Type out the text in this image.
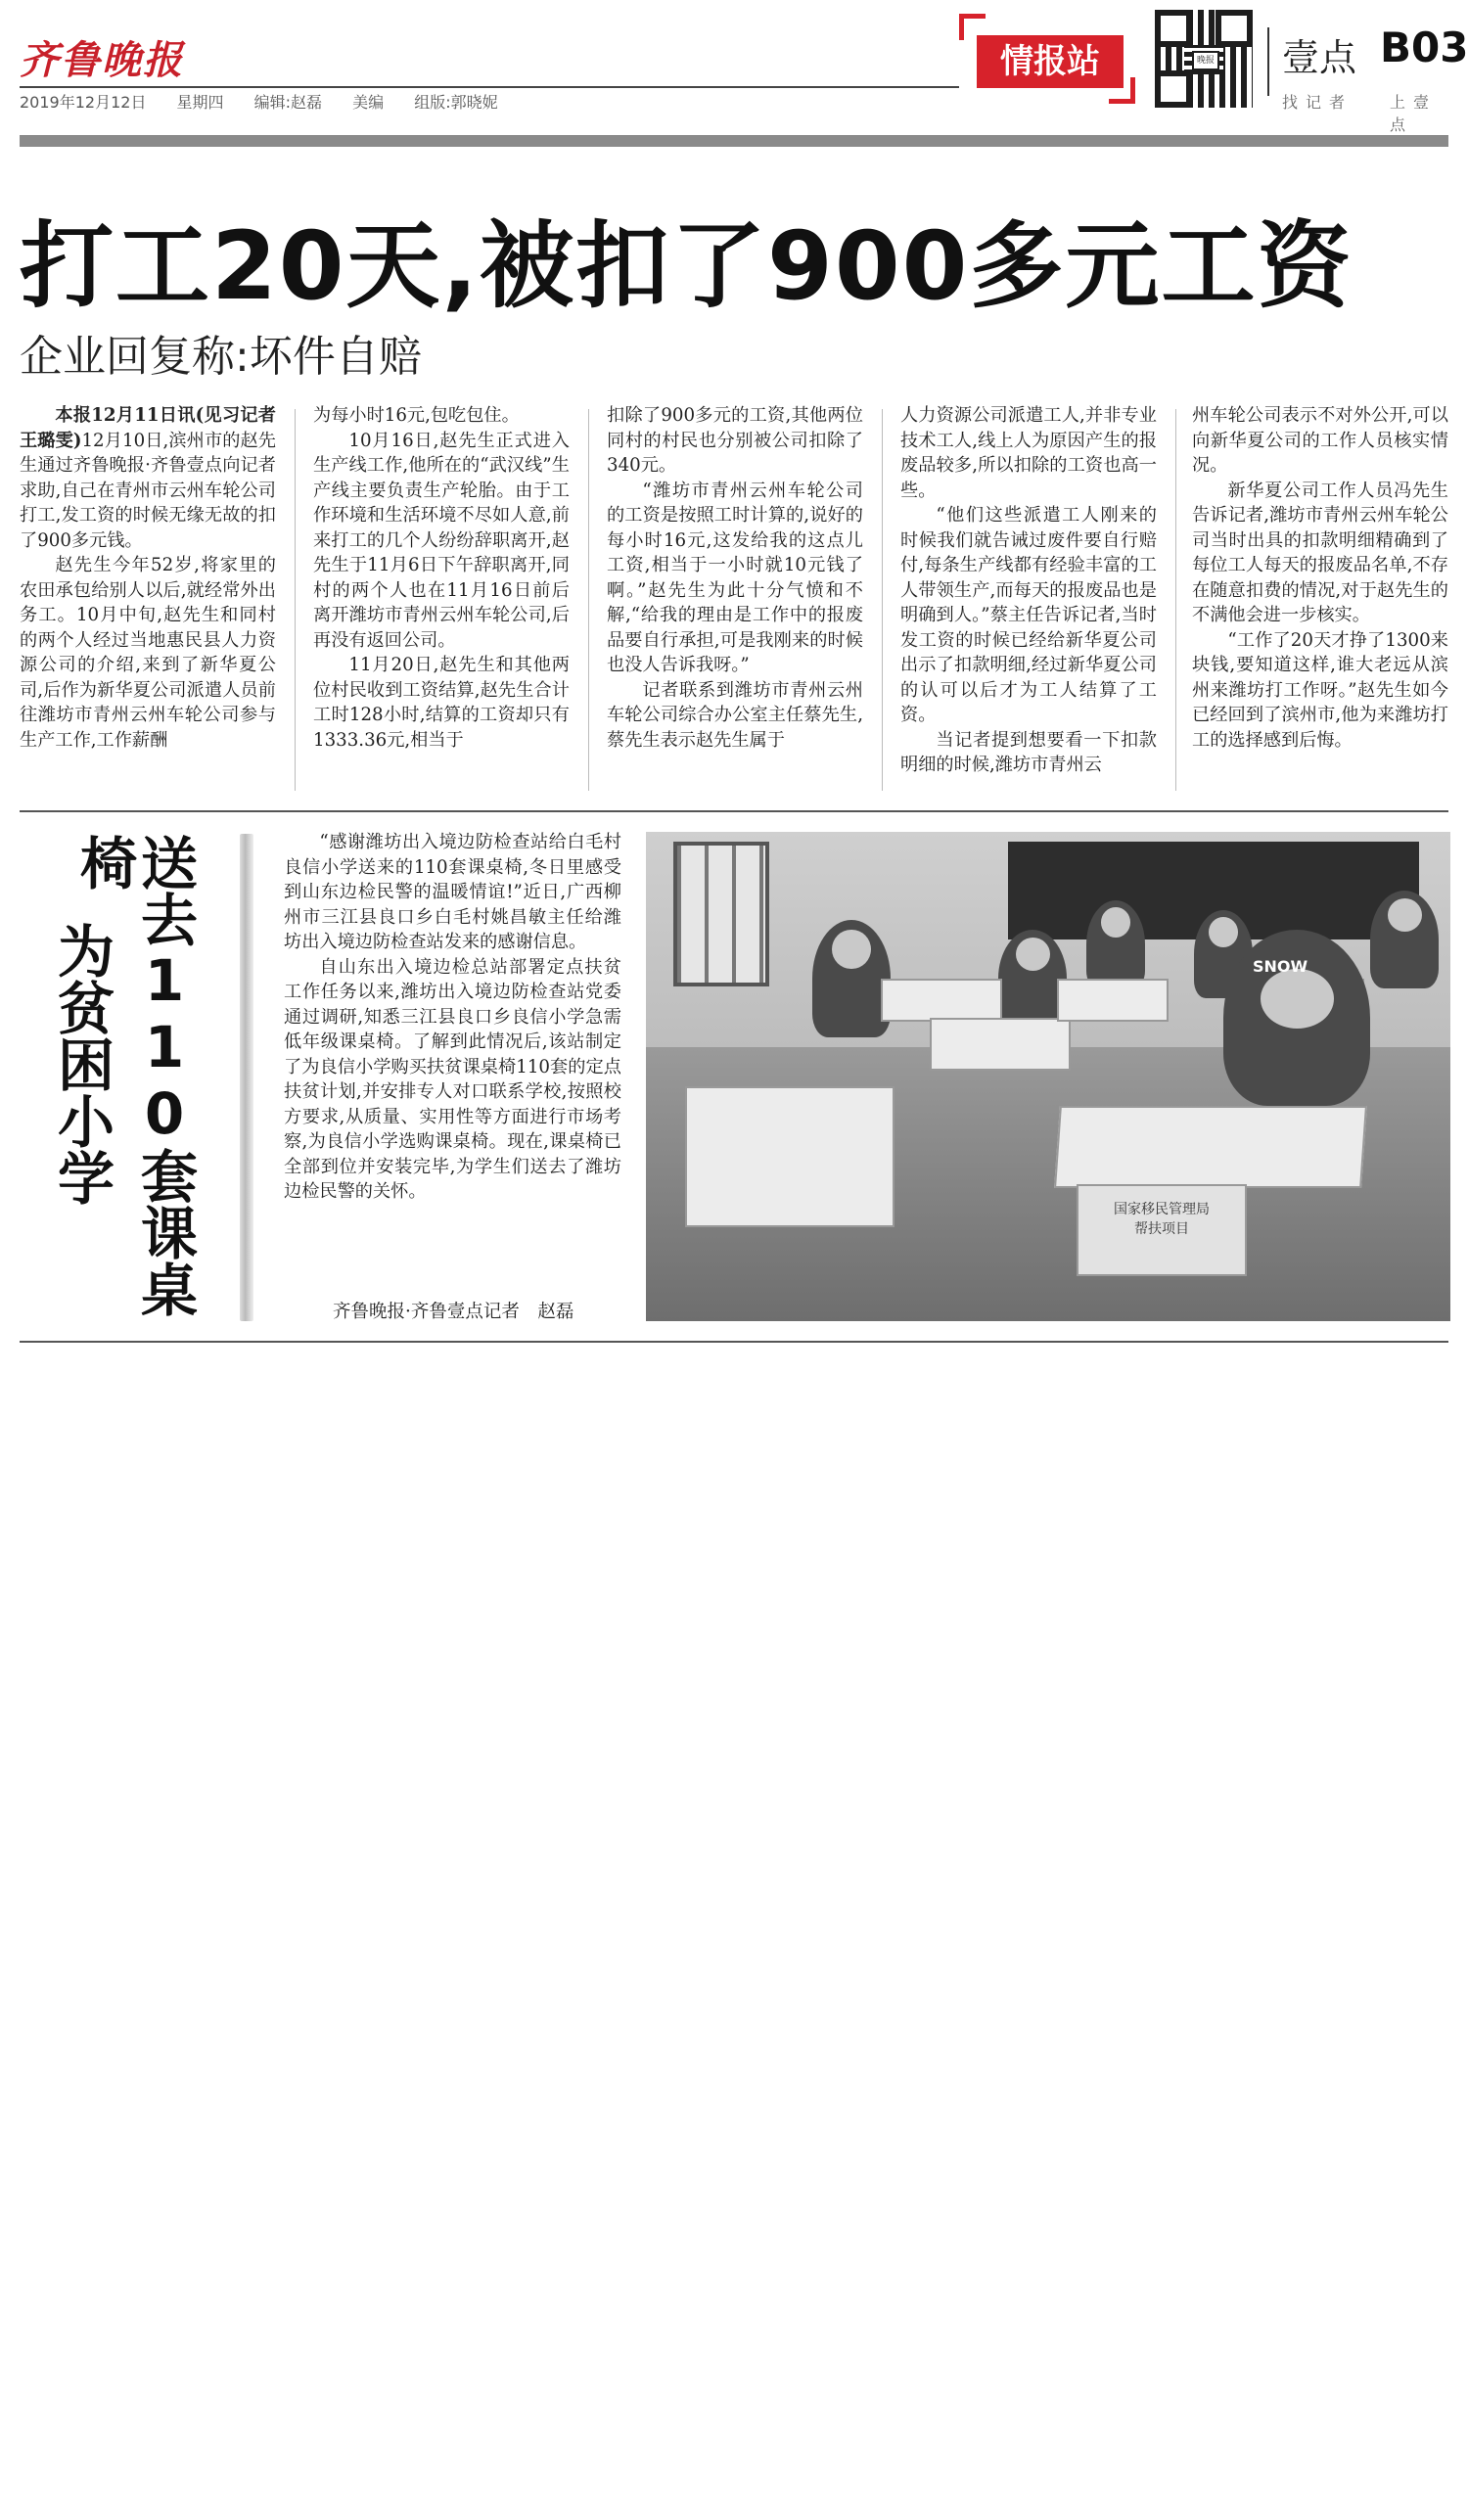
齐鲁晚报
2019年12月12日 星期四 编辑:赵磊 美编 组版:郭晓妮
情报站	晚报 壹点 B03
找记者 上壹点
打工20天,被扣了900多元工资
企业回复称:坏件自赔

本报12月11日讯(见习记者 王璐雯)12月10日,滨州市的赵先生通过齐鲁晚报·齐鲁壹点向记者求助,自己在青州市云州车轮公司打工,发工资的时候无缘无故的扣了900多元钱。

赵先生今年52岁,将家里的农田承包给别人以后,就经常外出务工。10月中旬,赵先生和同村的两个人经过当地惠民县人力资源公司的介绍,来到了新华夏公司,后作为新华夏公司派遣人员前往潍坊市青州云州车轮公司参与生产工作,工作薪酬

为每小时16元,包吃包住。

10月16日,赵先生正式进入生产线工作,他所在的“武汉线”生产线主要负责生产轮胎。由于工作环境和生活环境不尽如人意,前来打工的几个人纷纷辞职离开,赵先生于11月6日下午辞职离开,同村的两个人也在11月16日前后离开潍坊市青州云州车轮公司,后再没有返回公司。

11月20日,赵先生和其他两位村民收到工资结算,赵先生合计工时128小时,结算的工资却只有1333.36元,相当于

扣除了900多元的工资,其他两位同村的村民也分别被公司扣除了340元。

“潍坊市青州云州车轮公司的工资是按照工时计算的,说好的每小时16元,这发给我的这点儿工资,相当于一小时就10元钱了啊。”赵先生为此十分气愤和不解,“给我的理由是工作中的报废品要自行承担,可是我刚来的时候也没人告诉我呀。”

记者联系到潍坊市青州云州车轮公司综合办公室主任蔡先生,蔡先生表示赵先生属于

人力资源公司派遣工人,并非专业技术工人,线上人为原因产生的报废品较多,所以扣除的工资也高一些。

“他们这些派遣工人刚来的时候我们就告诫过废件要自行赔付,每条生产线都有经验丰富的工人带领生产,而每天的报废品也是明确到人。”蔡主任告诉记者,当时发工资的时候已经给新华夏公司出示了扣款明细,经过新华夏公司的认可以后才为工人结算了工资。

当记者提到想要看一下扣款明细的时候,潍坊市青州云

州车轮公司表示不对外公开,可以向新华夏公司的工作人员核实情况。

新华夏公司工作人员冯先生告诉记者,潍坊市青州云州车轮公司当时出具的扣款明细精确到了每位工人每天的报废品名单,不存在随意扣费的情况,对于赵先生的不满他会进一步核实。

“工作了20天才挣了1300来块钱,要知道这样,谁大老远从滨州来潍坊打工作呀。”赵先生如今已经回到了滨州市,他为来潍坊打工的选择感到后悔。

送去110套课桌椅
为贫困小学

“感谢潍坊出入境边防检查站给白毛村良信小学送来的110套课桌椅,冬日里感受到山东边检民警的温暖情谊!”近日,广西柳州市三江县良口乡白毛村姚昌敏主任给潍坊出入境边防检查站发来的感谢信息。

自山东出入境边检总站部署定点扶贫工作任务以来,潍坊出入境边防检查站党委通过调研,知悉三江县良口乡良信小学急需低年级课桌椅。了解到此情况后,该站制定了为良信小学购买扶贫课桌椅110套的定点扶贫计划,并安排专人对口联系学校,按照校方要求,从质量、实用性等方面进行市场考察,为良信小学选购课桌椅。现在,课桌椅已全部到位并安装完毕,为学生们送去了潍坊边检民警的关怀。

齐鲁晚报·齐鲁壹点记者　赵磊
SNOW
国家移民管理局
帮扶项目
